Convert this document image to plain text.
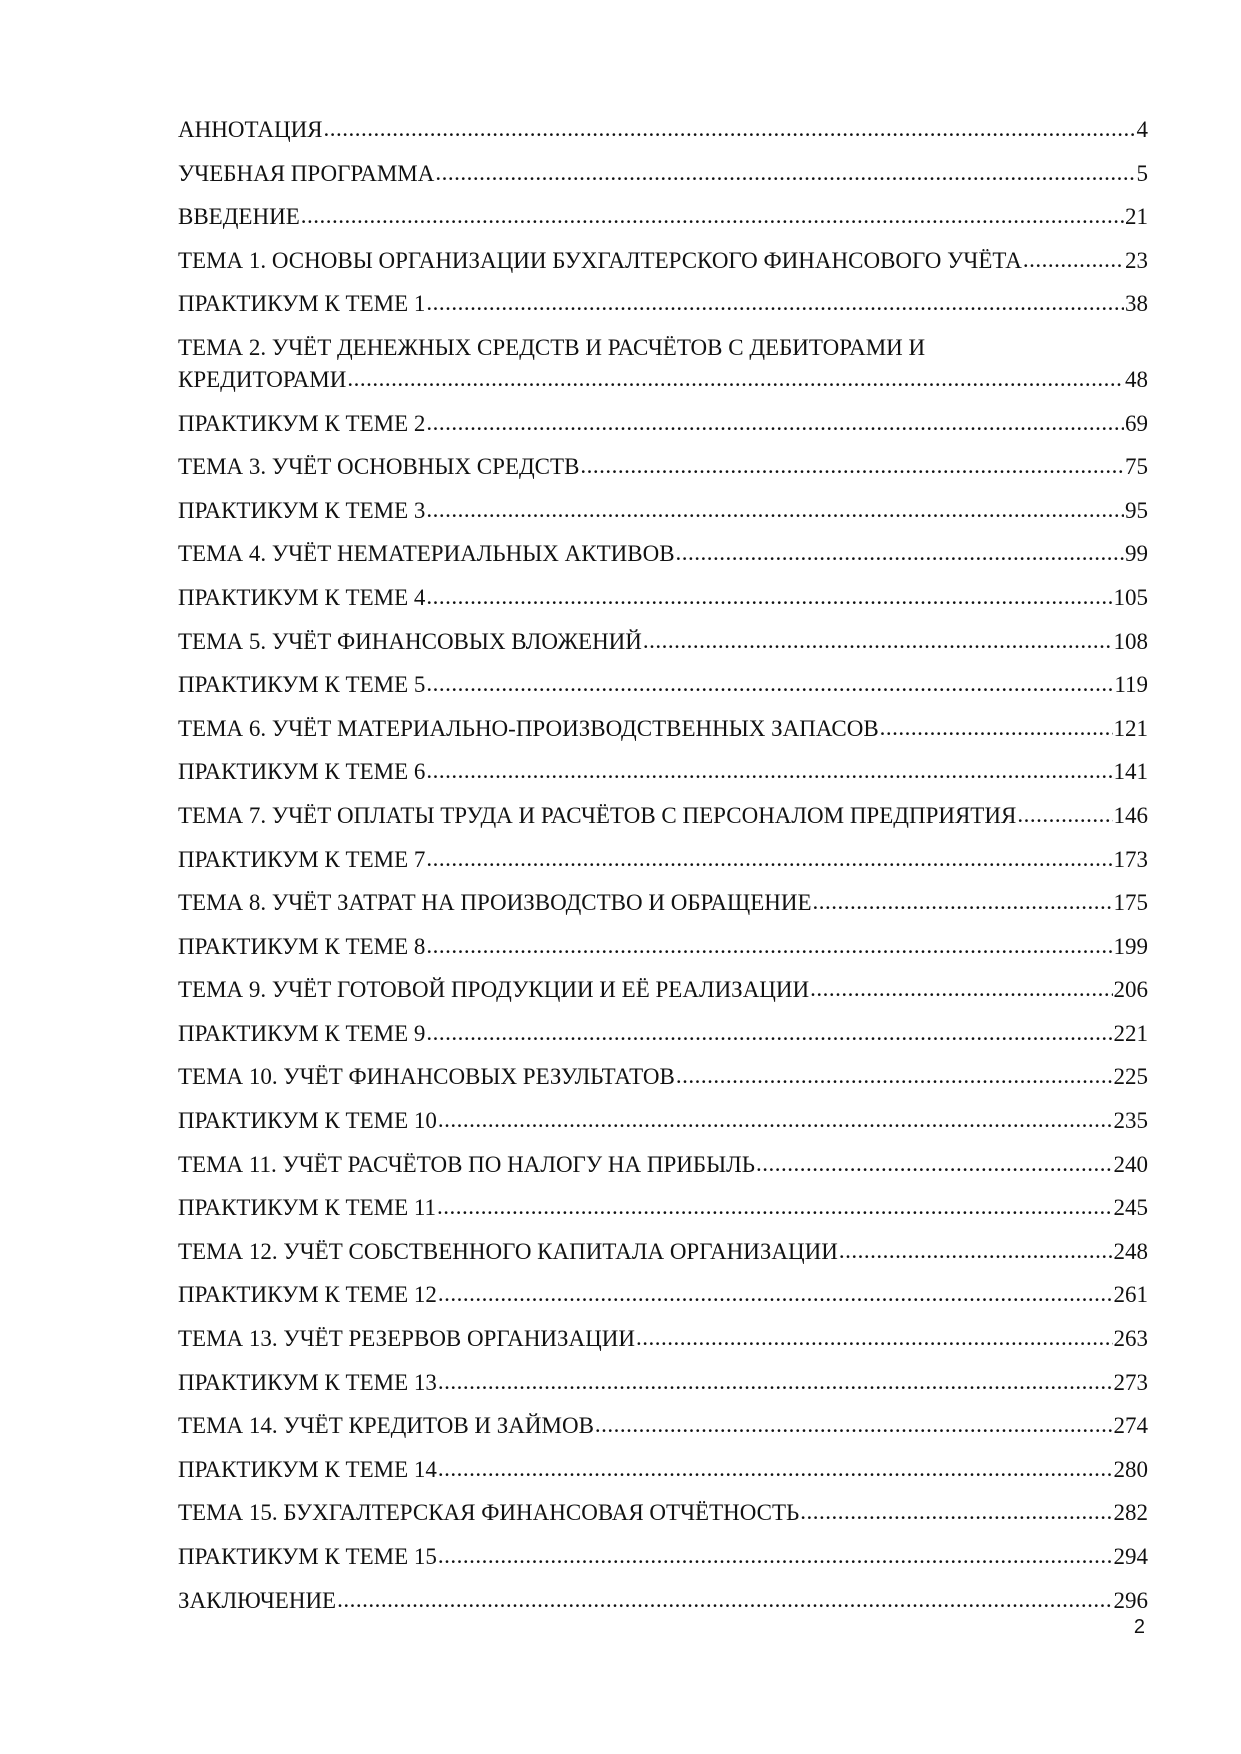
АННОТАЦИЯ .....	4
УЧЕБНАЯ ПРОГРАММА .....	5
ВВЕДЕНИЕ .....	21
ТЕМА 1. ОСНОВЫ ОРГАНИЗАЦИИ БУХГАЛТЕРСКОГО ФИНАНСОВОГО УЧЁТА .....	23
ПРАКТИКУМ К ТЕМЕ 1 .....	38
ТЕМА 2. УЧЁТ ДЕНЕЖНЫХ СРЕДСТВ И РАСЧЁТОВ С ДЕБИТОРАМИ И
КРЕДИТОРАМИ .....	48
ПРАКТИКУМ К ТЕМЕ 2 .....	69
ТЕМА 3. УЧЁТ ОСНОВНЫХ СРЕДСТВ .....	75
ПРАКТИКУМ К ТЕМЕ 3 .....	95
ТЕМА 4. УЧЁТ НЕМАТЕРИАЛЬНЫХ АКТИВОВ .....	99
ПРАКТИКУМ К ТЕМЕ 4 .....	105
ТЕМА 5. УЧЁТ ФИНАНСОВЫХ ВЛОЖЕНИЙ .....	108
ПРАКТИКУМ К ТЕМЕ 5 .....	119
ТЕМА 6. УЧЁТ МАТЕРИАЛЬНО-ПРОИЗВОДСТВЕННЫХ ЗАПАСОВ .....	121
ПРАКТИКУМ К ТЕМЕ 6 .....	141
ТЕМА 7. УЧЁТ ОПЛАТЫ ТРУДА И РАСЧЁТОВ С ПЕРСОНАЛОМ ПРЕДПРИЯТИЯ .....	146
ПРАКТИКУМ К ТЕМЕ 7 .....	173
ТЕМА 8. УЧЁТ ЗАТРАТ НА ПРОИЗВОДСТВО И ОБРАЩЕНИЕ .....	175
ПРАКТИКУМ К ТЕМЕ 8 .....	199
ТЕМА 9. УЧЁТ ГОТОВОЙ ПРОДУКЦИИ И ЕЁ РЕАЛИЗАЦИИ .....	206
ПРАКТИКУМ К ТЕМЕ 9 .....	221
ТЕМА 10. УЧЁТ ФИНАНСОВЫХ РЕЗУЛЬТАТОВ .....	225
ПРАКТИКУМ К ТЕМЕ 10 .....	235
ТЕМА 11. УЧЁТ РАСЧЁТОВ ПО НАЛОГУ НА ПРИБЫЛЬ .....	240
ПРАКТИКУМ К ТЕМЕ 11 .....	245
ТЕМА 12. УЧЁТ СОБСТВЕННОГО КАПИТАЛА ОРГАНИЗАЦИИ .....	248
ПРАКТИКУМ К ТЕМЕ 12 .....	261
ТЕМА 13. УЧЁТ РЕЗЕРВОВ ОРГАНИЗАЦИИ .....	263
ПРАКТИКУМ К ТЕМЕ 13 .....	273
ТЕМА 14. УЧЁТ КРЕДИТОВ И ЗАЙМОВ .....	274
ПРАКТИКУМ К ТЕМЕ 14 .....	280
ТЕМА 15. БУХГАЛТЕРСКАЯ ФИНАНСОВАЯ ОТЧЁТНОСТЬ .....	282
ПРАКТИКУМ К ТЕМЕ 15 .....	294
ЗАКЛЮЧЕНИЕ .....	296
2
